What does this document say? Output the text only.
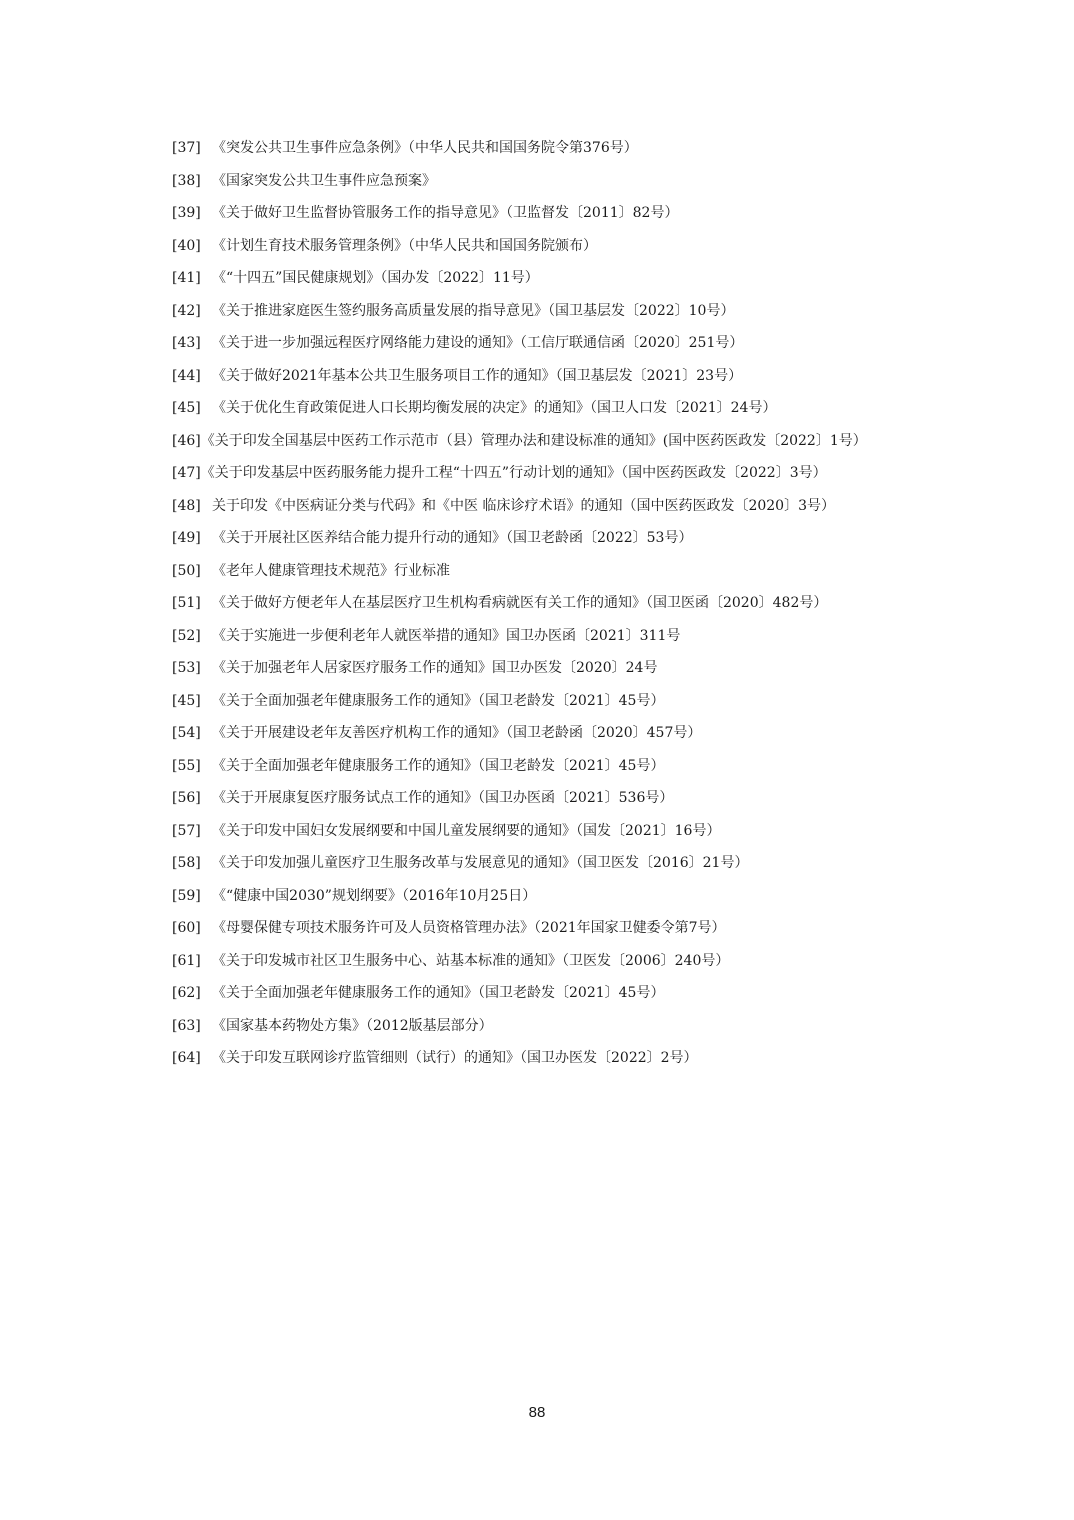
[37] 《突发公共卫生事件应急条例》（中华人民共和国国务院令第376号）
[38] 《国家突发公共卫生事件应急预案》
[39] 《关于做好卫生监督协管服务工作的指导意见》（卫监督发〔2011〕82号）
[40] 《计划生育技术服务管理条例》（中华人民共和国国务院颁布）
[41] 《“十四五”国民健康规划》（国办发〔2022〕11号）
[42] 《关于推进家庭医生签约服务高质量发展的指导意见》（国卫基层发〔2022〕10号）
[43] 《关于进一步加强远程医疗网络能力建设的通知》（工信厅联通信函〔2020〕251号）
[44] 《关于做好2021年基本公共卫生服务项目工作的通知》（国卫基层发〔2021〕23号）
[45] 《关于优化生育政策促进人口长期均衡发展的决定》的通知》（国卫人口发〔2021〕24号）
[46]《关于印发全国基层中医药工作示范市（县）管理办法和建设标准的通知》(国中医药医政发〔2022〕1号）
[47]《关于印发基层中医药服务能力提升工程“十四五”行动计划的通知》（国中医药医政发〔2022〕3号）
[48] 关于印发《中医病证分类与代码》和《中医 临床诊疗术语》的通知（国中医药医政发〔2020〕3号）
[49] 《关于开展社区医养结合能力提升行动的通知》（国卫老龄函〔2022〕53号）
[50] 《老年人健康管理技术规范》行业标准
[51] 《关于做好方便老年人在基层医疗卫生机构看病就医有关工作的通知》（国卫医函〔2020〕482号）
[52] 《关于实施进一步便利老年人就医举措的通知》国卫办医函〔2021〕311号
[53] 《关于加强老年人居家医疗服务工作的通知》国卫办医发〔2020〕24号
[45] 《关于全面加强老年健康服务工作的通知》（国卫老龄发〔2021〕45号）
[54] 《关于开展建设老年友善医疗机构工作的通知》（国卫老龄函〔2020〕457号）
[55] 《关于全面加强老年健康服务工作的通知》（国卫老龄发〔2021〕45号）
[56] 《关于开展康复医疗服务试点工作的通知》（国卫办医函〔2021〕536号）
[57] 《关于印发中国妇女发展纲要和中国儿童发展纲要的通知》（国发〔2021〕16号）
[58] 《关于印发加强儿童医疗卫生服务改革与发展意见的通知》（国卫医发〔2016〕21号）
[59] 《“健康中国2030”规划纲要》（2016年10月25日）
[60] 《母婴保健专项技术服务许可及人员资格管理办法》（2021年国家卫健委令第7号）
[61] 《关于印发城市社区卫生服务中心、站基本标准的通知》（卫医发〔2006〕240号）
[62] 《关于全面加强老年健康服务工作的通知》（国卫老龄发〔2021〕45号）
[63] 《国家基本药物处方集》（2012版基层部分）
[64] 《关于印发互联网诊疗监管细则（试行）的通知》（国卫办医发〔2022〕2号）
88
